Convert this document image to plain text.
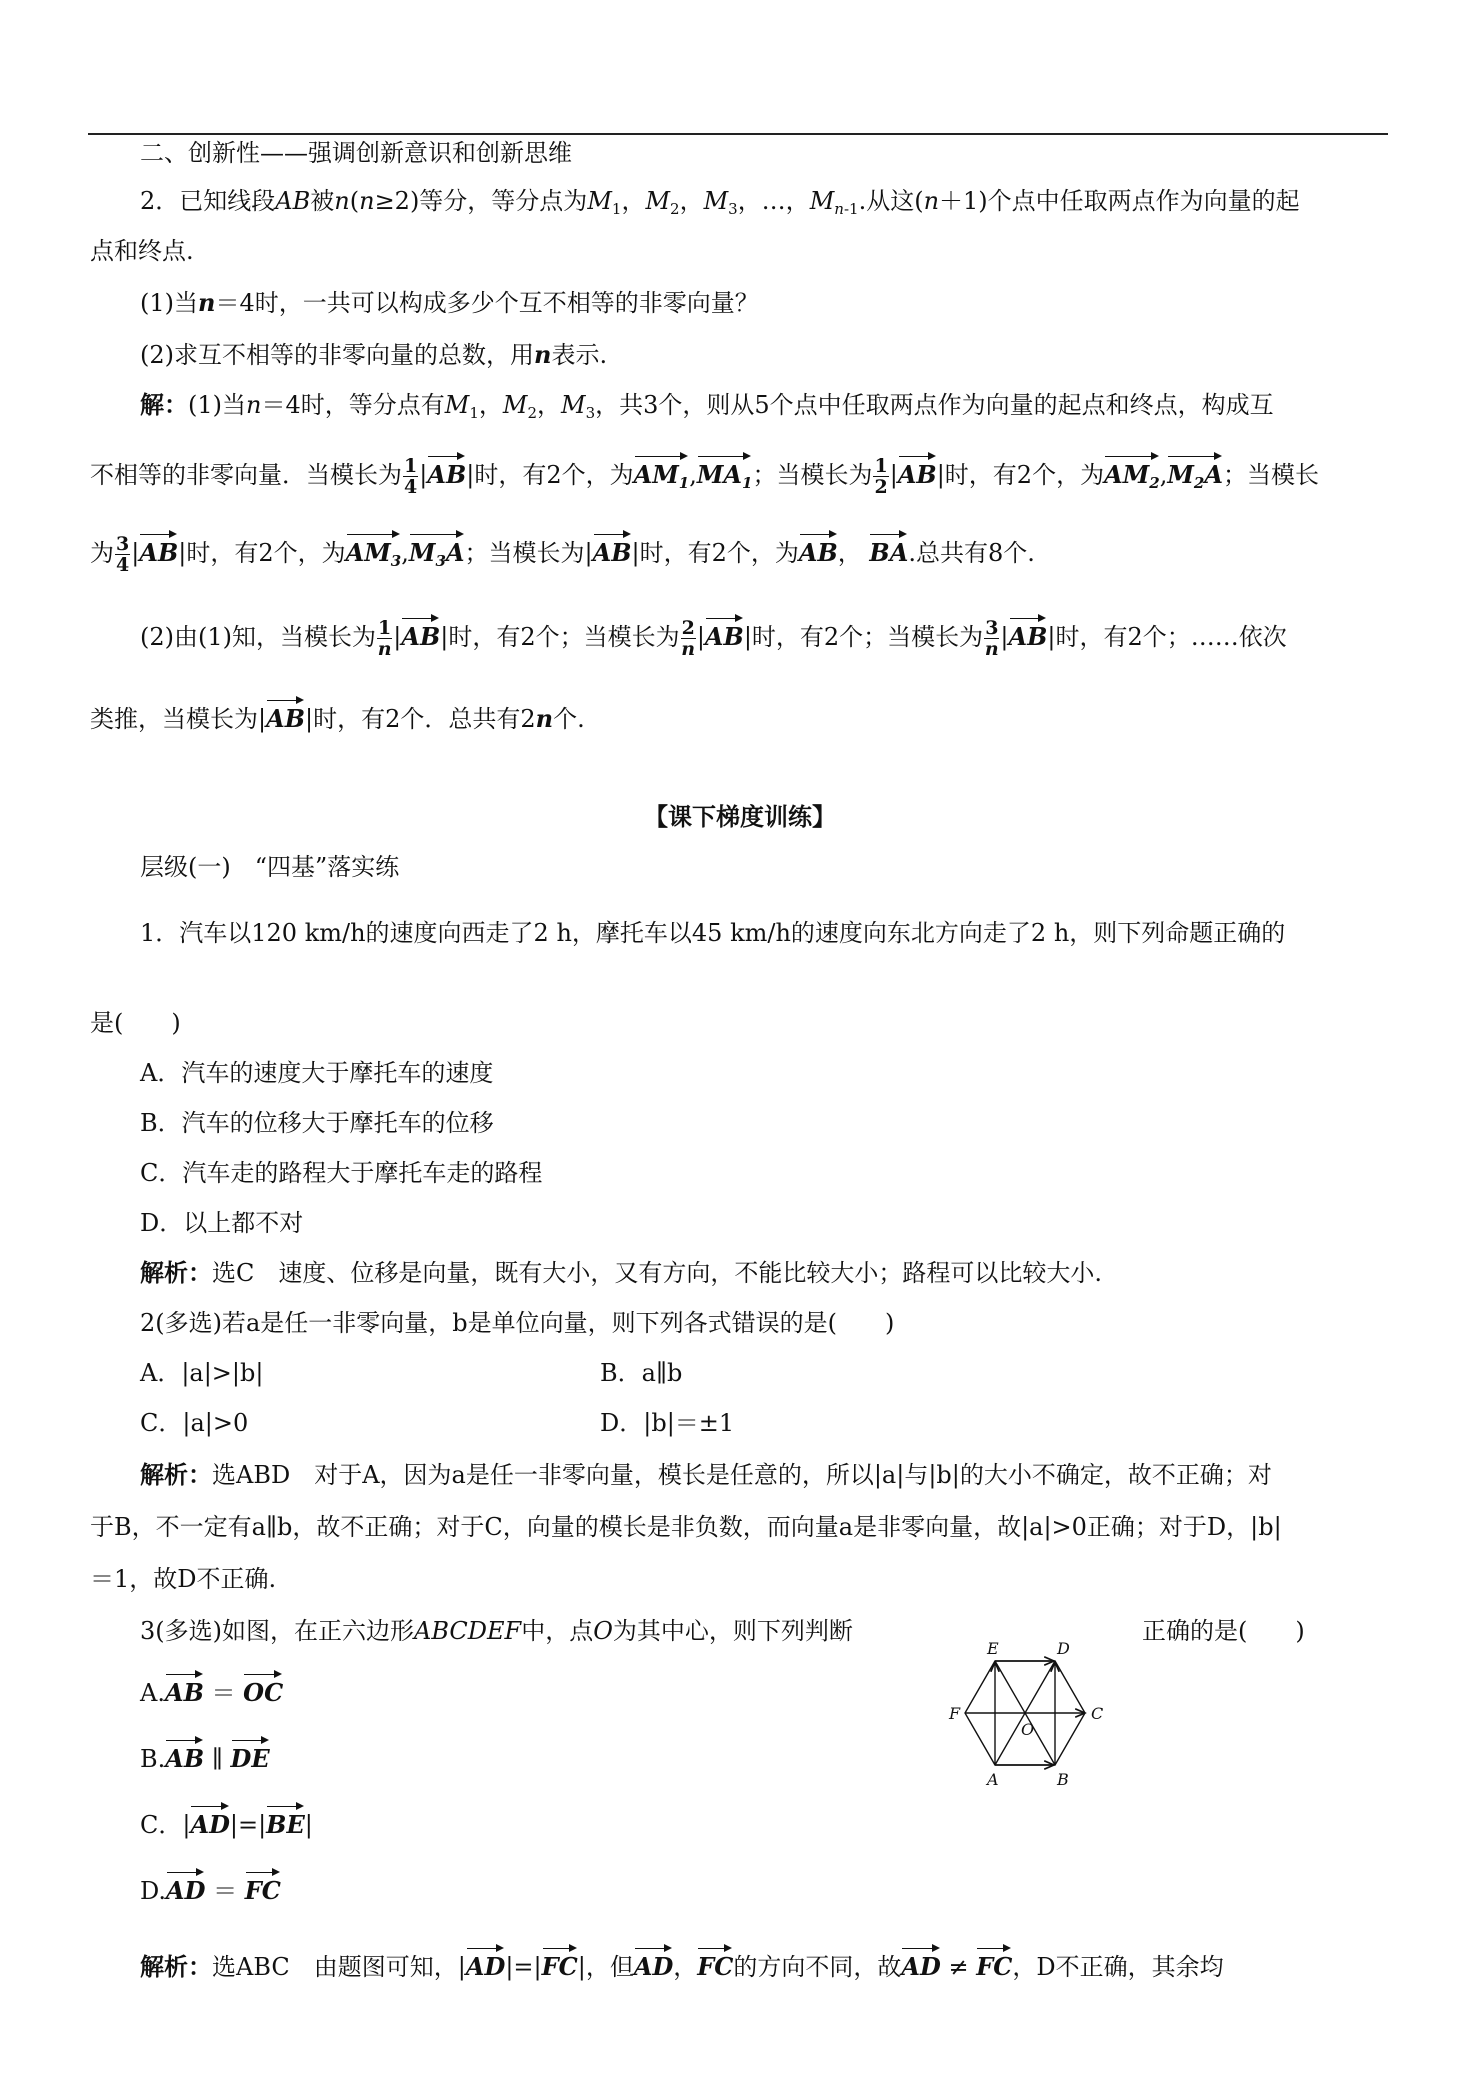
二、创新性——强调创新意识和创新思维
2．已知线段AB被n(n≥2)等分，等分点为$M_1$，$M_2$，$M_3$，…，$M_{n-1}$.从这(n＋1)个点中任取两点作为向量的起
点和终点.
(1)当n＝4时，一共可以构成多少个互不相等的非零向量？
(2)求互不相等的非零向量的总数，用n表示.
解：(1)当n＝4时，等分点有$M_1$，$M_2$，$M_3$，共3个，则从5个点中任取两点作为向量的起点和终点，构成互
不相等的非零向量．当模长为 $\frac{1}{4} |AB|$时，有2个，为$AM_1,MA_1$；当模长为 $\frac{1}{2} |AB|$时，有2个，为$AM_2,M_2A$；当模长
为 $\frac{3}{4} |AB|$时，有2个，为$AM_3,M_3A$；当模长为|AB|时，有2个，为AB， BA.总共有8个.
(2)由(1)知，当模长为 $\frac{1}{n} |AB|$时，有2个；当模长为 $\frac{2}{n} |AB|$时，有2个；当模长为 $\frac{3}{n} |AB|$时，有2个；……依次
类推，当模长为|AB|时，有2个．总共有2n个.
【课下梯度训练】
层级(一)　“四基”落实练
1．汽车以120 km/h的速度向西走了2 h，摩托车以45 km/h的速度向东北方向走了2 h，则下列命题正确的
是(　　)
A．汽车的速度大于摩托车的速度
B．汽车的位移大于摩托车的位移
C．汽车走的路程大于摩托车走的路程
D．以上都不对
解析：选C　速度、位移是向量，既有大小，又有方向，不能比较大小；路程可以比较大小.
2(多选)若a是任一非零向量，b是单位向量，则下列各式错误的是(　　)
A．|a|>|b|	B．a∥b
C．|a|>0	D．|b|＝±1
解析：选ABD　对于A，因为a是任一非零向量，模长是任意的，所以|a|与|b|的大小不确定，故不正确；对
于B，不一定有a∥b，故不正确；对于C，向量的模长是非负数，而向量a是非零向量，故|a|>0正确；对于D，|b|
＝1，故D不正确.
3(多选)如图，在正六边形ABCDEF中，点O为其中心，则下列判断	正确的是(　　)
A.AB ＝ OC
B.AB ∥ DE
C．|AD|=|BE|
D.AD ＝ FC
解析：选ABC　由题图可知，|AD|=|FC|，但AD，FC的方向不同，故AD ≠ FC，D不正确，其余均
E	D
F	C
O
A	B
